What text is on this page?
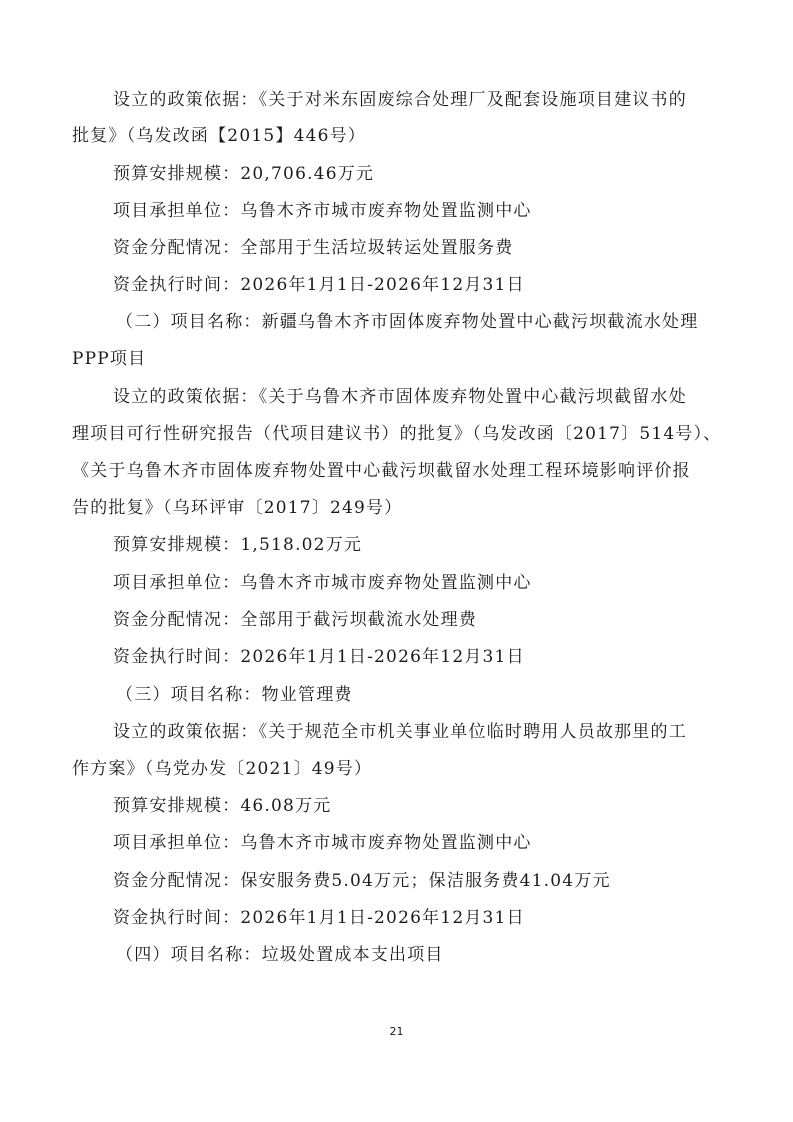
设立的政策依据：《关于对米东固废综合处理厂及配套设施项目建议书的
批复》（乌发改函【2015】446号）
预算安排规模：20,706.46万元
项目承担单位：乌鲁木齐市城市废弃物处置监测中心
资金分配情况：全部用于生活垃圾转运处置服务费
资金执行时间：2026年1月1日-2026年12月31日
（二）项目名称：新疆乌鲁木齐市固体废弃物处置中心截污坝截流水处理
PPP项目
设立的政策依据：《关于乌鲁木齐市固体废弃物处置中心截污坝截留水处
理项目可行性研究报告（代项目建议书）的批复》（乌发改函〔2017〕514号）、
《关于乌鲁木齐市固体废弃物处置中心截污坝截留水处理工程环境影响评价报
告的批复》（乌环评审〔2017〕249号）
预算安排规模：1,518.02万元
项目承担单位：乌鲁木齐市城市废弃物处置监测中心
资金分配情况：全部用于截污坝截流水处理费
资金执行时间：2026年1月1日-2026年12月31日
（三）项目名称：物业管理费
设立的政策依据：《关于规范全市机关事业单位临时聘用人员故那里的工
作方案》（乌党办发〔2021〕49号）
预算安排规模：46.08万元
项目承担单位：乌鲁木齐市城市废弃物处置监测中心
资金分配情况：保安服务费5.04万元；保洁服务费41.04万元
资金执行时间：2026年1月1日-2026年12月31日
（四）项目名称：垃圾处置成本支出项目
21
